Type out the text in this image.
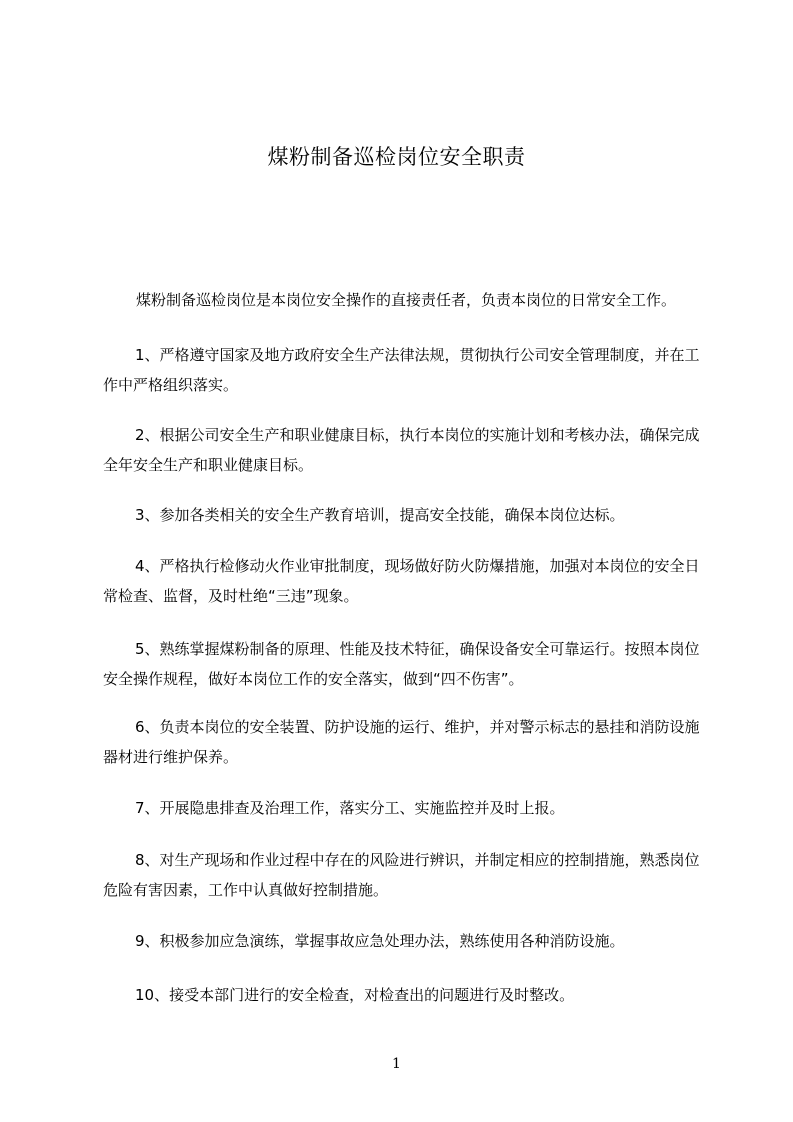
煤粉制备巡检岗位安全职责
煤粉制备巡检岗位是本岗位安全操作的直接责任者，负责本岗位的日常安全工作。
1、严格遵守国家及地方政府安全生产法律法规，贯彻执行公司安全管理制度，并在工作中严格组织落实。
2、根据公司安全生产和职业健康目标，执行本岗位的实施计划和考核办法，确保完成全年安全生产和职业健康目标。
3、参加各类相关的安全生产教育培训，提高安全技能，确保本岗位达标。
4、严格执行检修动火作业审批制度，现场做好防火防爆措施，加强对本岗位的安全日常检查、监督，及时杜绝“三违”现象。
5、熟练掌握煤粉制备的原理、性能及技术特征，确保设备安全可靠运行。按照本岗位安全操作规程，做好本岗位工作的安全落实，做到“四不伤害”。
6、负责本岗位的安全装置、防护设施的运行、维护，并对警示标志的悬挂和消防设施器材进行维护保养。
7、开展隐患排查及治理工作，落实分工、实施监控并及时上报。
8、对生产现场和作业过程中存在的风险进行辨识，并制定相应的控制措施，熟悉岗位危险有害因素，工作中认真做好控制措施。
9、积极参加应急演练，掌握事故应急处理办法，熟练使用各种消防设施。
10、接受本部门进行的安全检查，对检查出的问题进行及时整改。
1
